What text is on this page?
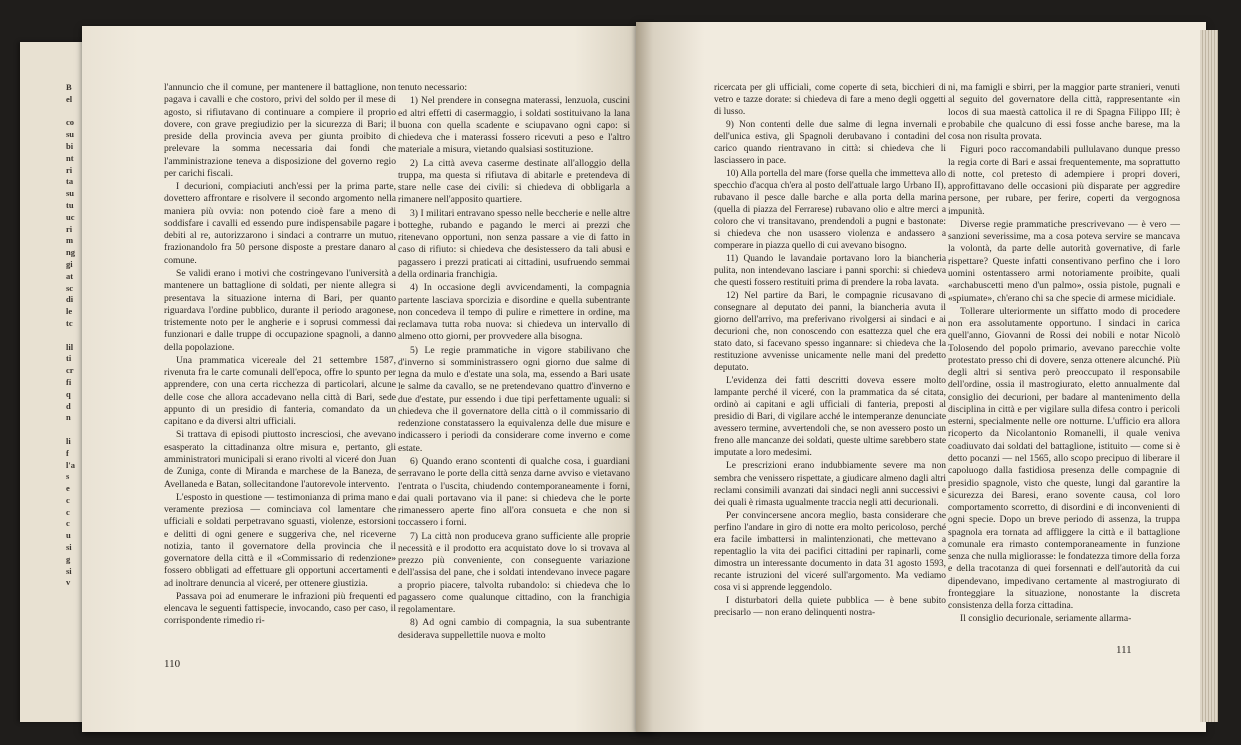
B
el

co
su
bi
nt
ri
ta
su
tu
uc
ri
m
ng
gi
at
sc
di
le
tc

lil
ti
cr
fi
q
d
n

li
f
l'a
s
e
c
c
c
u
si
g
si
v

l'annuncio che il comune, per mantenere il battaglione, non pagava i cavalli e che costoro, privi del soldo per il mese di agosto, si rifiutavano di continuare a compiere il proprio dovere, con grave pregiudizio per la sicurezza di Bari; il preside della provincia aveva per giunta proibito di prelevare la somma necessaria dai fondi che l'amministrazione teneva a disposizione del governo regio per carichi fiscali.

I decurioni, compiaciuti anch'essi per la prima parte, dovettero affrontare e risolvere il secondo argomento nella maniera più ovvia: non potendo cioè fare a meno di soddisfare i cavalli ed essendo pure indispensabile pagare i debiti al re, autorizzarono i sindaci a contrarre un mutuo, frazionandolo fra 50 persone disposte a prestare danaro al comune.

Se validi erano i motivi che costringevano l'università a mantenere un battaglione di soldati, per niente allegra si presentava la situazione interna di Bari, per quanto riguardava l'ordine pubblico, durante il periodo aragonese, tristemente noto per le angherie e i soprusi commessi dai funzionari e dalle truppe di occupazione spagnoli, a danno della popolazione.

Una prammatica vicereale del 21 settembre 1587, rivenuta fra le carte comunali dell'epoca, offre lo spunto per apprendere, con una certa ricchezza di particolari, alcune delle cose che allora accadevano nella città di Bari, sede appunto di un presidio di fanteria, comandato da un capitano e da diversi altri ufficiali.

Si trattava di episodi piuttosto incresciosi, che avevano esasperato la cittadinanza oltre misura e, pertanto, gli amministratori municipali si erano rivolti al viceré don Juan de Zuniga, conte di Miranda e marchese de la Baneza, de Avellaneda e Batan, sollecitandone l'autorevole intervento.

L'esposto in questione — testimonianza di prima mano e veramente preziosa — cominciava col lamentare che ufficiali e soldati perpetravano sguasti, violenze, estorsioni e delitti di ogni genere e suggeriva che, nel riceverne notizia, tanto il governatore della provincia che il governatore della città e il «Commissario di redenzione» fossero obbligati ad effettuare gli opportuni accertamenti e ad inoltrare denuncia al viceré, per ottenere giustizia.

Passava poi ad enumerare le infrazioni più frequenti ed elencava le seguenti fattispecie, invocando, caso per caso, il corrispondente rimedio ri-

tenuto necessario:

1) Nel prendere in consegna materassi, lenzuola, cuscini ed altri effetti di casermaggio, i soldati sostituivano la lana buona con quella scadente e sciupavano ogni capo: si chiedeva che i materassi fossero ricevuti a peso e l'altro materiale a misura, vietando qualsiasi sostituzione.

2) La città aveva caserme destinate all'alloggio della truppa, ma questa si rifiutava di abitarle e pretendeva di stare nelle case dei civili: si chiedeva di obbligarla a rimanere nell'apposito quartiere.

3) I militari entravano spesso nelle beccherie e nelle altre botteghe, rubando e pagando le merci ai prezzi che ritenevano opportuni, non senza passare a vie di fatto in caso di rifiuto: si chiedeva che desistessero da tali abusi e pagassero i prezzi praticati ai cittadini, usufruendo semmai della ordinaria franchigia.

4) In occasione degli avvicendamenti, la compagnia partente lasciava sporcizia e disordine e quella subentrante non concedeva il tempo di pulire e rimettere in ordine, ma reclamava tutta roba nuova: si chiedeva un intervallo di almeno otto giorni, per provvedere alla bisogna.

5) Le regie prammatiche in vigore stabilivano che d'inverno si somministrassero ogni giorno due salme di legna da mulo e d'estate una sola, ma, essendo a Bari usate le salme da cavallo, se ne pretendevano quattro d'inverno e due d'estate, pur essendo i due tipi perfettamente uguali: si chiedeva che il governatore della città o il commissario di redenzione constatassero la equivalenza delle due misure e indicassero i periodi da considerare come inverno e come estate.

6) Quando erano scontenti di qualche cosa, i guardiani serravano le porte della città senza darne avviso e vietavano l'entrata o l'uscita, chiudendo contemporaneamente i forni, dai quali portavano via il pane: si chiedeva che le porte rimanessero aperte fino all'ora consueta e che non si toccassero i forni.

7) La città non produceva grano sufficiente alle proprie necessità e il prodotto era acquistato dove lo si trovava al prezzo più conveniente, con conseguente variazione dell'assisa del pane, che i soldati intendevano invece pagare a proprio piacere, talvolta rubandolo: si chiedeva che lo pagassero come qualunque cittadino, con la franchigia regolamentare.

8) Ad ogni cambio di compagnia, la sua subentrante desiderava suppellettile nuova e molto

110

ricercata per gli ufficiali, come coperte di seta, bicchieri di vetro e tazze dorate: si chiedeva di fare a meno degli oggetti di lusso.

9) Non contenti delle due salme di legna invernali e dell'unica estiva, gli Spagnoli derubavano i contadini del carico quando rientravano in città: si chiedeva che li lasciassero in pace.

10) Alla portella del mare (forse quella che immetteva allo specchio d'acqua ch'era al posto dell'attuale largo Urbano II), rubavano il pesce dalle barche e alla porta della marina (quella di piazza del Ferrarese) rubavano olio e altre merci a coloro che vi transitavano, prendendoli a pugni e bastonate: si chiedeva che non usassero violenza e andassero a comperare in piazza quello di cui avevano bisogno.

11) Quando le lavandaie portavano loro la biancheria pulita, non intendevano lasciare i panni sporchi: si chiedeva che questi fossero restituiti prima di prendere la roba lavata.

12) Nel partire da Bari, le compagnie ricusavano di consegnare al deputato dei panni, la biancheria avuta il giorno dell'arrivo, ma preferivano rivolgersi ai sindaci e ai decurioni che, non conoscendo con esattezza quel che era stato dato, si facevano spesso ingannare: si chiedeva che la restituzione avvenisse unicamente nelle mani del predetto deputato.

L'evidenza dei fatti descritti doveva essere molto lampante perché il viceré, con la prammatica da sé citata, ordinò ai capitani e agli ufficiali di fanteria, preposti al presidio di Bari, di vigilare acché le intemperanze denunciate avessero termine, avvertendoli che, se non avessero posto un freno alle mancanze dei soldati, queste ultime sarebbero state imputate a loro medesimi.

Le prescrizioni erano indubbiamente severe ma non sembra che venissero rispettate, a giudicare almeno dagli altri reclami consimili avanzati dai sindaci negli anni successivi e dei quali è rimasta ugualmente traccia negli atti decurionali.

Per convincersene ancora meglio, basta considerare che perfino l'andare in giro di notte era molto pericoloso, perché era facile imbattersi in malintenzionati, che mettevano a repentaglio la vita dei pacifici cittadini per rapinarli, come dimostra un interessante documento in data 31 agosto 1593, recante istruzioni del viceré sull'argomento. Ma vediamo cosa vi si apprende leggendolo.

I disturbatori della quiete pubblica — è bene subito precisarlo — non erano delinquenti nostra-

ni, ma famigli e sbirri, per la maggior parte stranieri, venuti al seguito del governatore della città, rappresentante «in locos di sua maestà cattolica il re di Spagna Filippo III; è probabile che qualcuno di essi fosse anche barese, ma la cosa non risulta provata.

Figuri poco raccomandabili pullulavano dunque presso la regia corte di Bari e assai frequentemente, ma soprattutto di notte, col pretesto di adempiere i propri doveri, approfittavano delle occasioni più disparate per aggredire persone, per rubare, per ferire, coperti da vergognosa impunità.

Diverse regie prammatiche prescrivevano — è vero — sanzioni severissime, ma a cosa poteva servire se mancava la volontà, da parte delle autorità governative, di farle rispettare? Queste infatti consentivano perfino che i loro uomini ostentassero armi notoriamente proibite, quali «archabuscetti meno d'un palmo», ossia pistole, pugnali e «spiumate», ch'erano chi sa che specie di armese micidiale.

Tollerare ulteriormente un siffatto modo di procedere non era assolutamente opportuno. I sindaci in carica quell'anno, Giovanni de Rossi dei nobili e notar Nicolò Tolosendo del popolo primario, avevano parecchie volte protestato presso chi di dovere, senza ottenere alcunché. Più degli altri si sentiva però preoccupato il responsabile dell'ordine, ossia il mastrogiurato, eletto annualmente dal consiglio dei decurioni, per badare al mantenimento della disciplina in città e per vigilare sulla difesa contro i pericoli esterni, specialmente nelle ore notturne. L'ufficio era allora ricoperto da Nicolantonio Romanelli, il quale veniva coadiuvato dai soldati del battaglione, istituito — come si è detto pocanzi — nel 1565, allo scopo precipuo di liberare il capoluogo dalla fastidiosa presenza delle compagnie di presidio spagnole, visto che queste, lungi dal garantire la sicurezza dei Baresi, erano sovente causa, col loro comportamento scorretto, di disordini e di inconvenienti di ogni specie. Dopo un breve periodo di assenza, la truppa spagnola era tornata ad affliggere la città e il battaglione comunale era rimasto contemporaneamente in funzione senza che nulla migliorasse: le fondatezza timore della forza e della tracotanza di quei forsennati e dell'autorità da cui dipendevano, impedivano certamente al mastrogiurato di fronteggiare la situazione, nonostante la discreta consistenza della forza cittadina.

Il consiglio decurionale, seriamente allarma-

111
